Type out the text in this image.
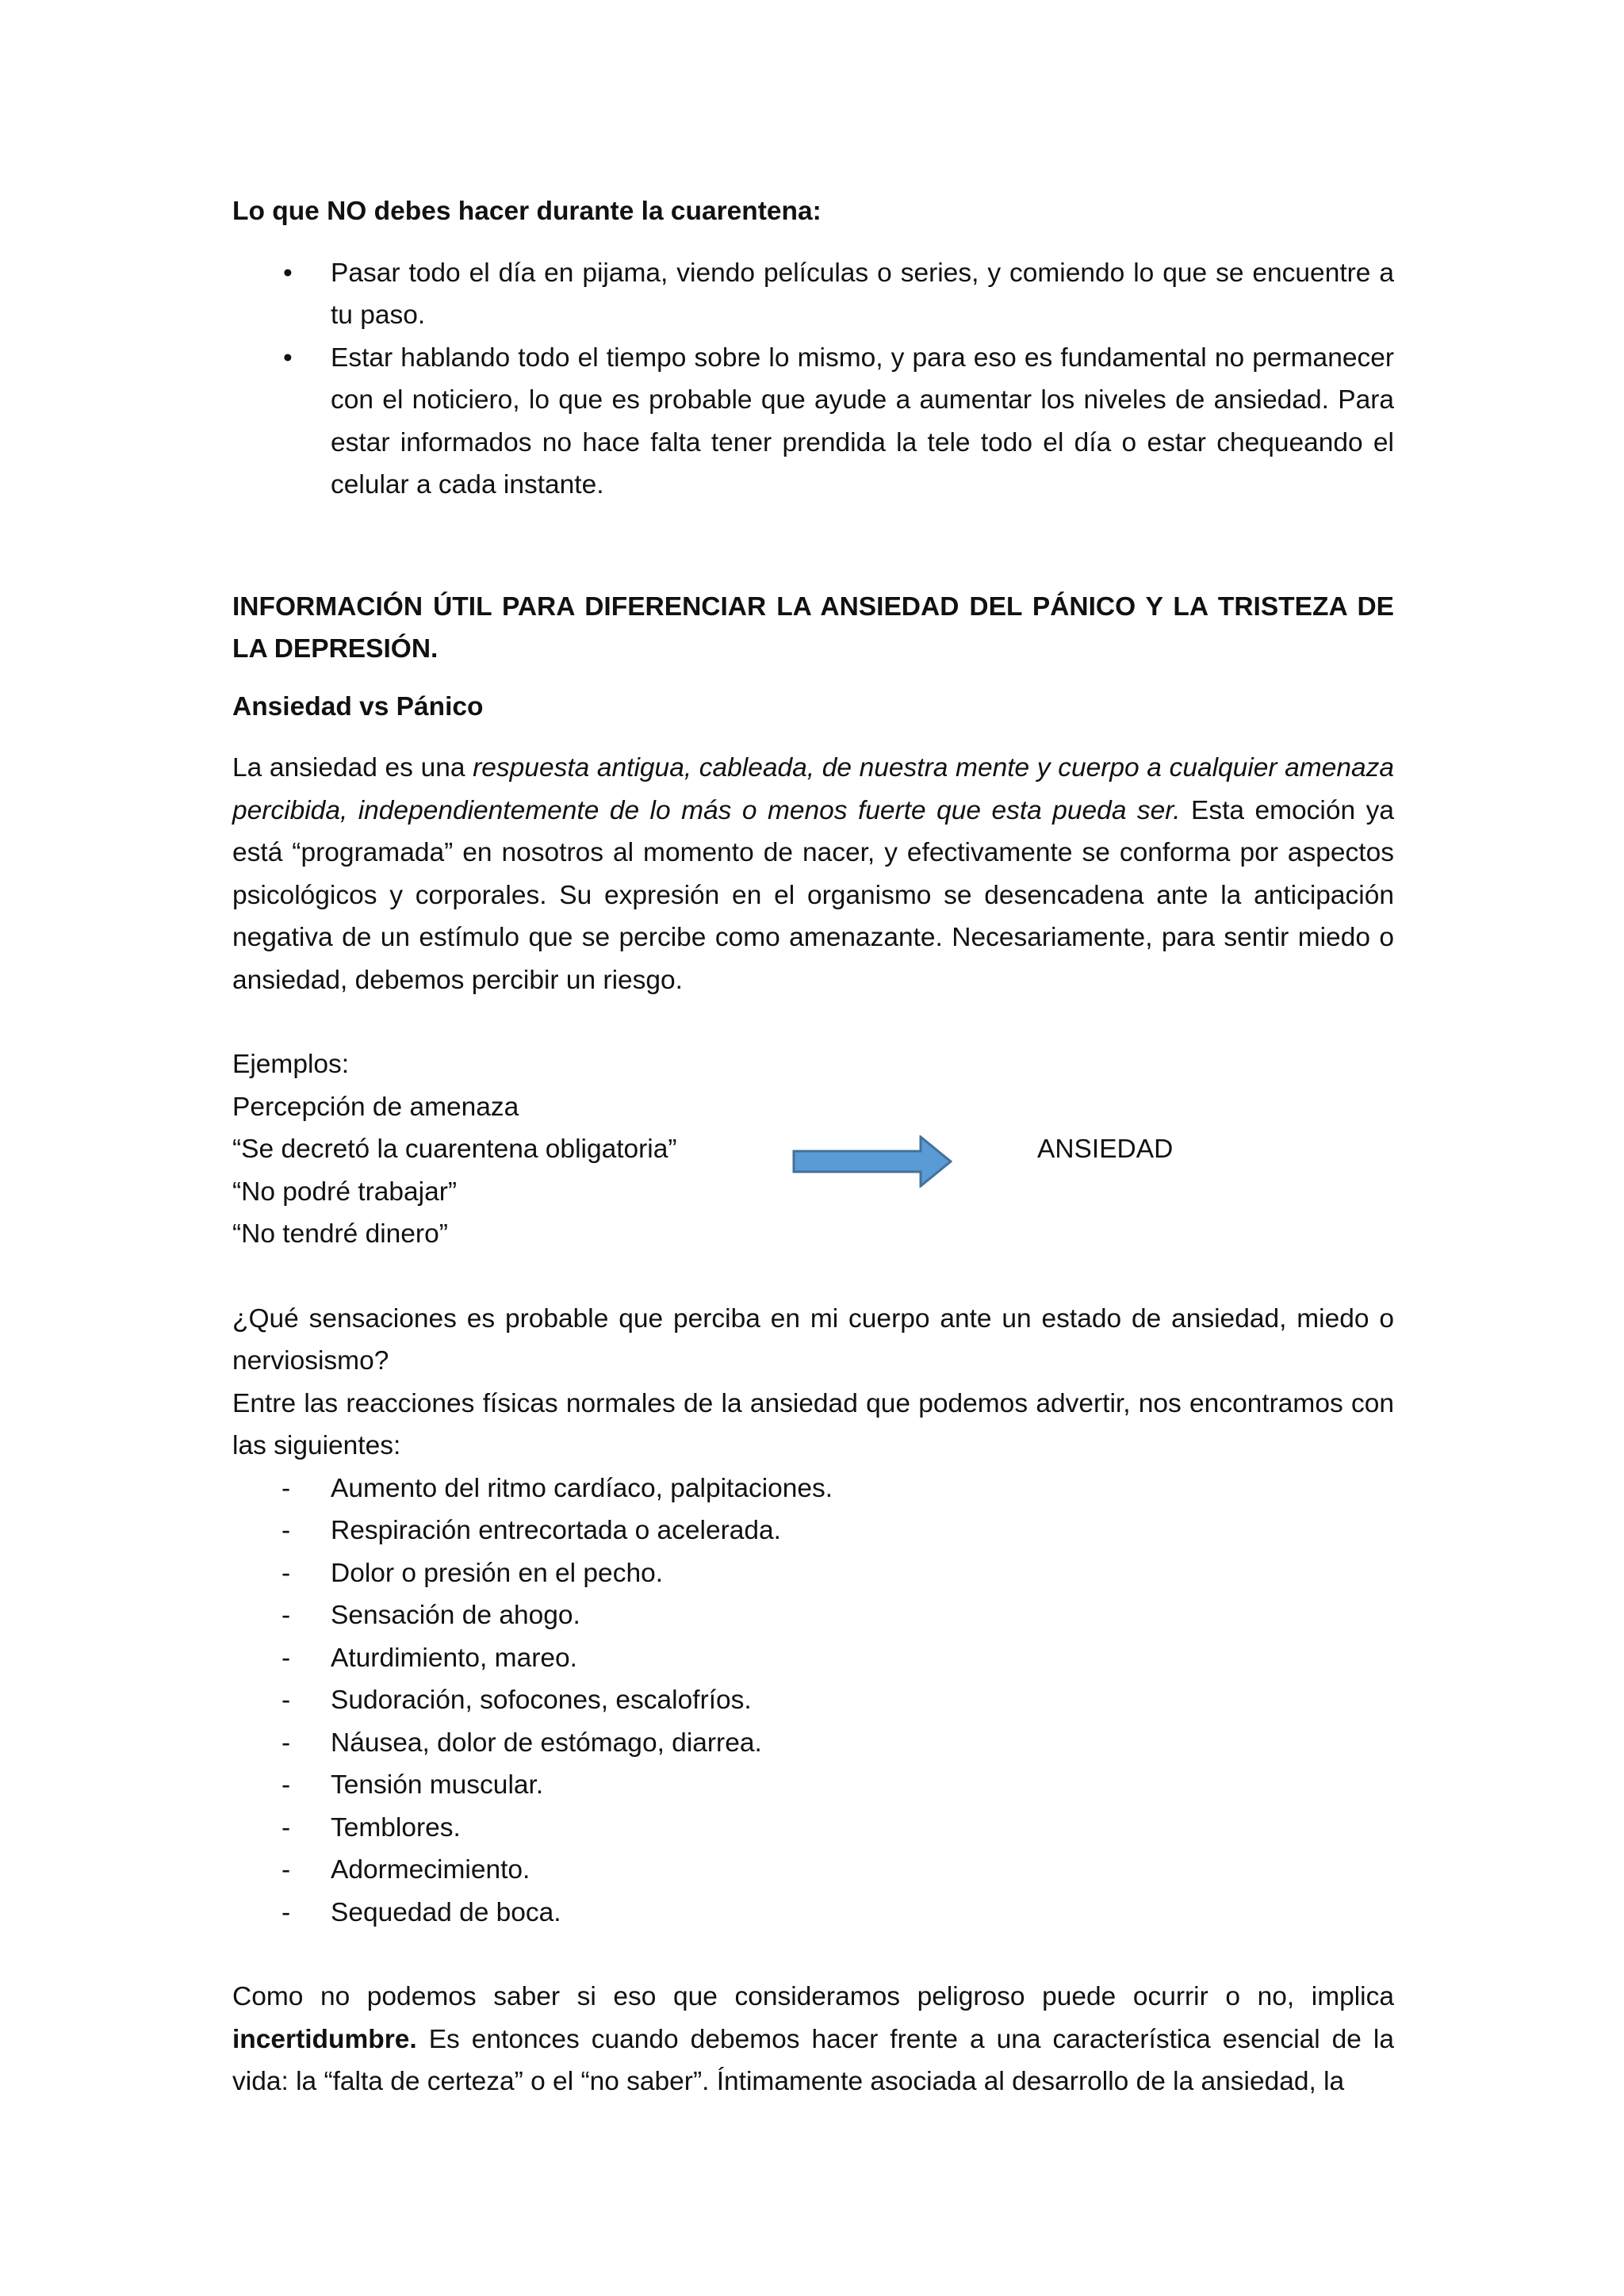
Lo que NO debes hacer durante la cuarentena:

• Pasar todo el día en pijama, viendo películas o series, y comiendo lo que se encuentre a tu paso.
• Estar hablando todo el tiempo sobre lo mismo, y para eso es fundamental no permanecer con el noticiero, lo que es probable que ayude a aumentar los niveles de ansiedad. Para estar informados no hace falta tener prendida la tele todo el día o estar chequeando el celular a cada instante.

INFORMACIÓN ÚTIL PARA DIFERENCIAR LA ANSIEDAD DEL PÁNICO Y LA TRISTEZA DE LA DEPRESIÓN.

Ansiedad vs Pánico

La ansiedad es una respuesta antigua, cableada, de nuestra mente y cuerpo a cualquier amenaza percibida, independientemente de lo más o menos fuerte que esta pueda ser. Esta emoción ya está “programada” en nosotros al momento de nacer, y efectivamente se conforma por aspectos psicológicos y corporales. Su expresión en el organismo se desencadena ante la anticipación negativa de un estímulo que se percibe como amenazante. Necesariamente, para sentir miedo o ansiedad, debemos percibir un riesgo.

Ejemplos:

Percepción de amenaza
“Se decretó la cuarentena obligatoria”
“No podré trabajar”
“No tendré dinero”
ANSIEDAD

¿Qué sensaciones es probable que perciba en mi cuerpo ante un estado de ansiedad, miedo o nerviosismo?

Entre las reacciones físicas normales de la ansiedad que podemos advertir, nos encontramos con las siguientes:

- Aumento del ritmo cardíaco, palpitaciones.
- Respiración entrecortada o acelerada.
- Dolor o presión en el pecho.
- Sensación de ahogo.
- Aturdimiento, mareo.
- Sudoración, sofocones, escalofríos.
- Náusea, dolor de estómago, diarrea.
- Tensión muscular.
- Temblores.
- Adormecimiento.
- Sequedad de boca.

Como no podemos saber si eso que consideramos peligroso puede ocurrir o no, implica incertidumbre. Es entonces cuando debemos hacer frente a una característica esencial de la vida: la “falta de certeza” o el “no saber”. Íntimamente asociada al desarrollo de la ansiedad, la
